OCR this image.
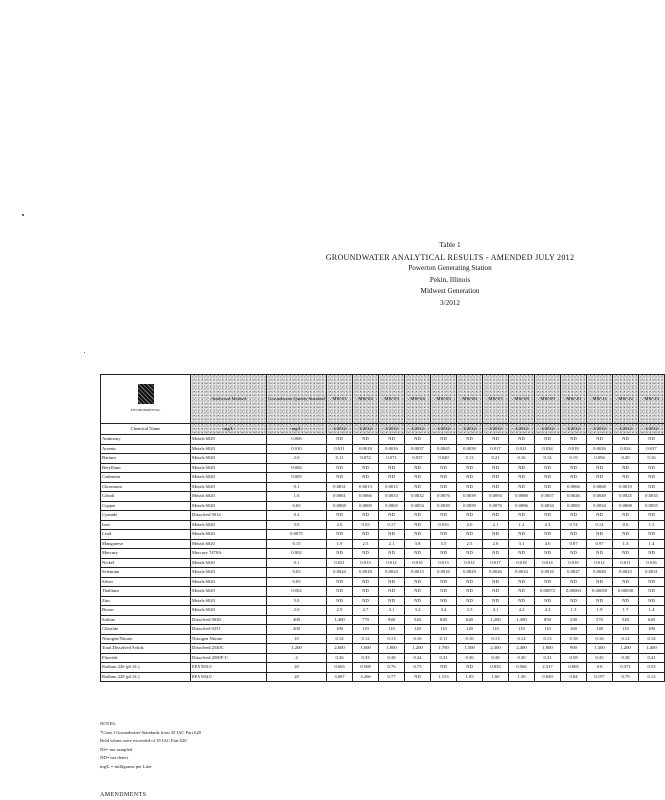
Table 1
GROUNDWATER ANALYTICAL RESULTS - AMENDED JULY 2012
Powerton Generating Station
Pekin, Illinois
Midwest Generation
3/2012
ENVIRONMENTAL	Analytical Method	Groundwater Quality Standard	MW-01	MW-02	MW-03	MW-04	MW-05	MW-06	MW-07	MW-08	MW-09	MW-10	MW-11	MW-12	MW-13
Chemical Name	mg/L	mg/L	3/2012	3/2012	3/2012	3/2012	3/2012	3/2012	3/2012	3/2012	3/2012	3/2012	3/2012	3/2012	3/2012
Antimony	Metals 6020	0.006	ND	ND	ND	ND	ND	ND	ND	ND	ND	ND	ND	ND	ND
Arsenic	Metals 6020	0.010	0.011	0.0018	0.0016	0.0037	0.0045	0.0039	0.017	0.021	0.034	0.018	0.0026	0.024	0.037
Barium	Metals 6020	2.0	0.11	0.072	0.071	0.037	0.049	0.13	0.21	0.16	0.14	0.19	0.094	0.20	0.16
Beryllium	Metals 6020	0.004	ND	ND	ND	ND	ND	ND	ND	ND	ND	ND	ND	ND	ND
Cadmium	Metals 6020	0.005	ND	ND	ND	ND	ND	ND	ND	ND	ND	ND	ND	ND	ND
Chromium	Metals 6020	0.1	0.0031	0.0013	0.0015	ND	ND	ND	ND	ND	ND	0.0066	0.0068	0.0019	ND
Cobalt	Metals 6020	1.0	0.0061	0.0066	0.0033	0.0032	0.0076	0.0039	0.0094	0.0088	0.0057	0.0026	0.0048	0.0025	0.0035
Copper	Metals 6020	0.65	0.0068	0.0069	0.0065	0.0054	0.0039	0.0059	0.0076	0.0086	0.0034	0.0083	0.0034	0.0068	0.0055
Cyanide	Dissolved 9014	0.2	ND	ND	ND	ND	ND	ND	ND	ND	ND	ND	ND	ND	ND
Iron	Metals 6020	5.0	2.6	0.55	0.17	ND	0.033	2.6	2.1	1.2	2.3	0.74	0.14	0.6	1.5
Lead	Metals 6020	0.0075	ND	ND	ND	ND	ND	ND	ND	ND	ND	ND	ND	ND	ND
Manganese	Metals 6020	0.15	1.9	2.5	2.1	3.8	3.5	2.5	2.8	3.1	4.6	0.87	0.97	1.3	1.4
Mercury	Mercury 7470A	0.002	ND	ND	ND	ND	ND	ND	ND	ND	ND	ND	ND	ND	ND
Nickel	Metals 6020	0.1	0.021	0.013	0.012	0.016	0.013	0.012	0.017	0.018	0.014	0.010	0.012	0.011	0.016
Selenium	Metals 6020	0.05	0.0044	0.0018	0.0024	0.0013	0.0016	0.0029	0.0026	0.0034	0.0016	0.0027	0.0040	0.0023	0.0031
Silver	Metals 6020	0.05	ND	ND	ND	ND	ND	ND	ND	ND	ND	ND	ND	ND	ND
Thallium	Metals 6020	0.002	ND	ND	ND	ND	ND	ND	ND	ND	0.00072	0.00063	0.00058	0.00038	ND
Zinc	Metals 6020	5.0	ND	ND	ND	ND	ND	ND	ND	ND	ND	ND	ND	ND	ND
Boron	Metals 6020	2.0	2.9	2.7	3.1	3.2	3.4	3.5	4.1	4.2	4.3	1.3	1.9	1.7	1.4
Sulfate	Dissolved 9038	400	1,400	770	940	540	840	640	1,200	1,300	850	230	570	520	640
Chloride	Dissolved 9251	200	100	110	110	120	110	120	110	110	110	160	140	110	100
Nitrogen/Nitrate	Nitrogen Nitrate	10	0.14	0.12	0.13	0.10	0.11	0.10	0.13	0.12	0.13	0.18	0.16	0.12	0.14
Total Dissolved Solids	Dissolved 2540C	1,200	2,600	1,600	1,800	1,200	1,700	1,300	2,300	2,400	1,800	900	1,300	1,200	1,400
Fluoride	Dissolved 4500F-C	4	0.26	0.33	0.38	0.44	0.31	0.36	0.38	0.30	0.31	0.58	0.35	0.38	0.41
Radium 226 (pCi/L)	EPA 903.0	20	0.665	0.568	0.76	0.73	ND	ND	0.835	0.566	2.317	0.865	0.8	0.371	0.55
Radium 228 (pCi/L)	EPA 904.0	20	3.067	3.266	0.77	ND	1.153	1.05	1.60	1.36	0.849	0.84	0.197	0.79	0.12
NOTES:
*Class I Groundwater Standards from 35 IAC Part 620
Bold values were exceeded of 35 IAC Part 620
NS= not sampled
ND= not detect
mg/L = milligrams per Liter
AMENDMENTS
